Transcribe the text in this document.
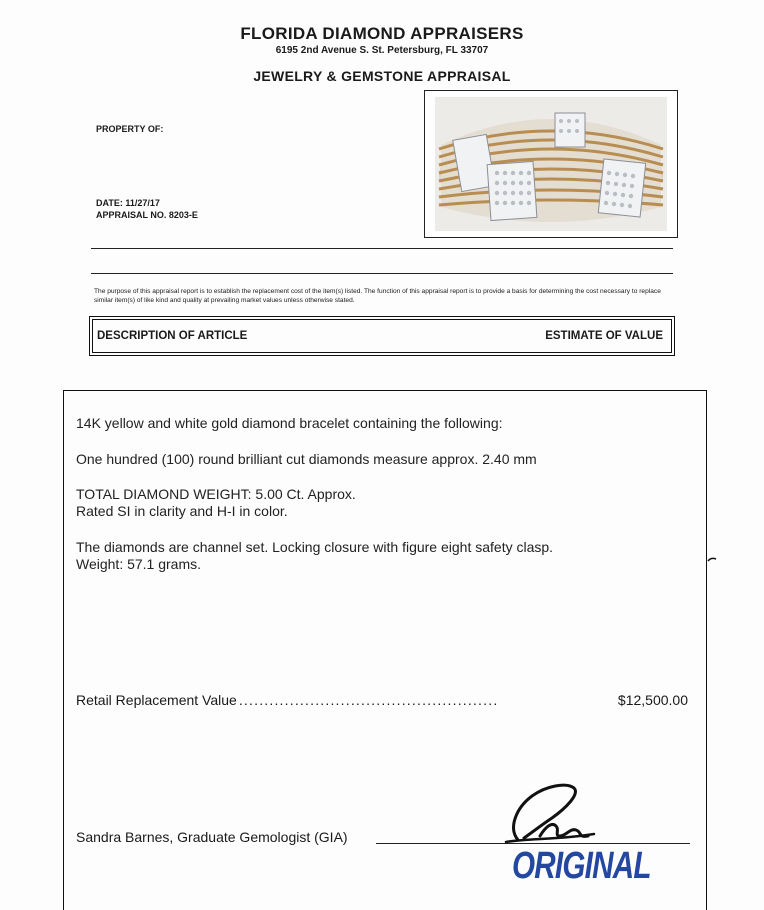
FLORIDA DIAMOND APPRAISERS
6195 2nd Avenue S. St. Petersburg, FL 33707
JEWELRY & GEMSTONE APPRAISAL
PROPERTY OF:
DATE: 11/27/17
APPRAISAL NO. 8203-E
The purpose of this appraisal report is to establish the replacement cost of the item(s) listed. The function of this appraisal report is to provide a basis for determining the cost necessary to replace similar item(s) of like kind and quality at prevailing market values unless otherwise stated.
DESCRIPTION OF ARTICLE	ESTIMATE OF VALUE
14K yellow and white gold diamond bracelet containing the following:
One hundred (100) round brilliant cut diamonds measure approx. 2.40 mm
TOTAL DIAMOND WEIGHT: 5.00 Ct. Approx.
Rated SI in clarity and H-I in color.
The diamonds are channel set. Locking closure with figure eight safety clasp.
Weight: 57.1 grams.
Retail Replacement Value ...................................................	$12,500.00
Sandra Barnes, Graduate Gemologist (GIA)
ORIGINAL
